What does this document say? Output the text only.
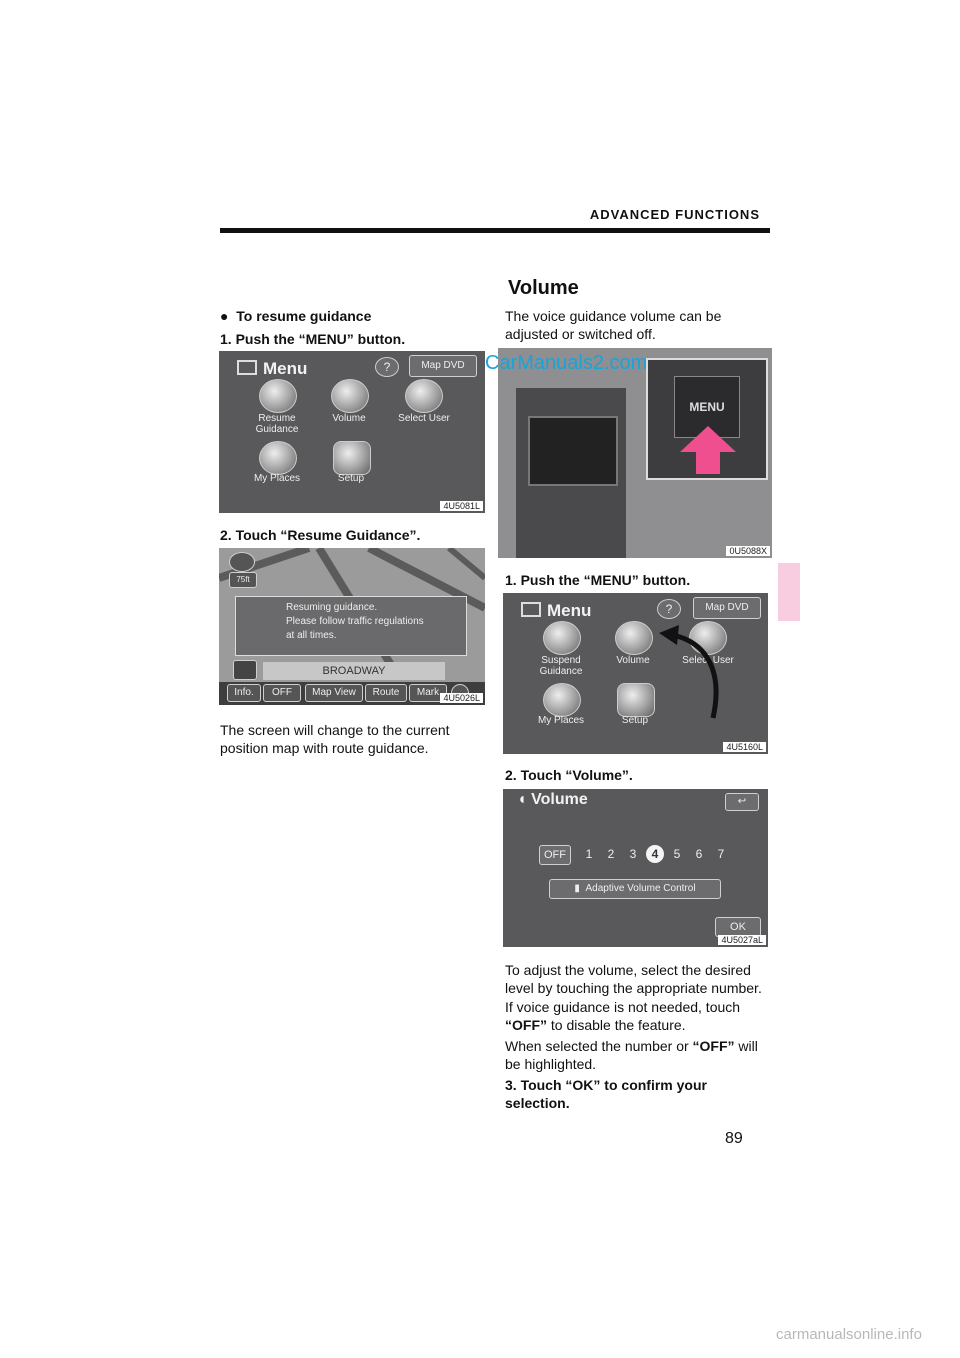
ADVANCED FUNCTIONS
Volume
●  To resume guidance
1. Push the “MENU” button.
Menu	?	Map DVD
Resume
Guidance
Volume	Select User
My Places	Setup
4U5081L
2. Touch “Resume Guidance”.
75ft
Resuming guidance.
Please follow traffic regulations
at all times.
BROADWAY
Info.	OFF	Map View	Route	Mark 4U5026L
The screen will change to the current position map with route guidance.
The voice guidance volume can be adjusted or switched off.
MENU
0U5088X
1. Push the “MENU” button.
Menu	?	Map DVD
Suspend
Guidance
Volume	Select User
My Places	Setup
4U5160L
2. Touch “Volume”.
◖ Volume	↩
OFF	1	2	3	4	5	6	7
▮  Adaptive Volume Control
OK
4U5027aL
To adjust the volume, select the desired level by touching the appropriate number.
If voice guidance is not needed, touch “OFF” to disable the feature.
When selected the number or “OFF” will be highlighted.
3. Touch “OK” to confirm your selection.
89
CarManuals2.com
carmanualsonline.info
